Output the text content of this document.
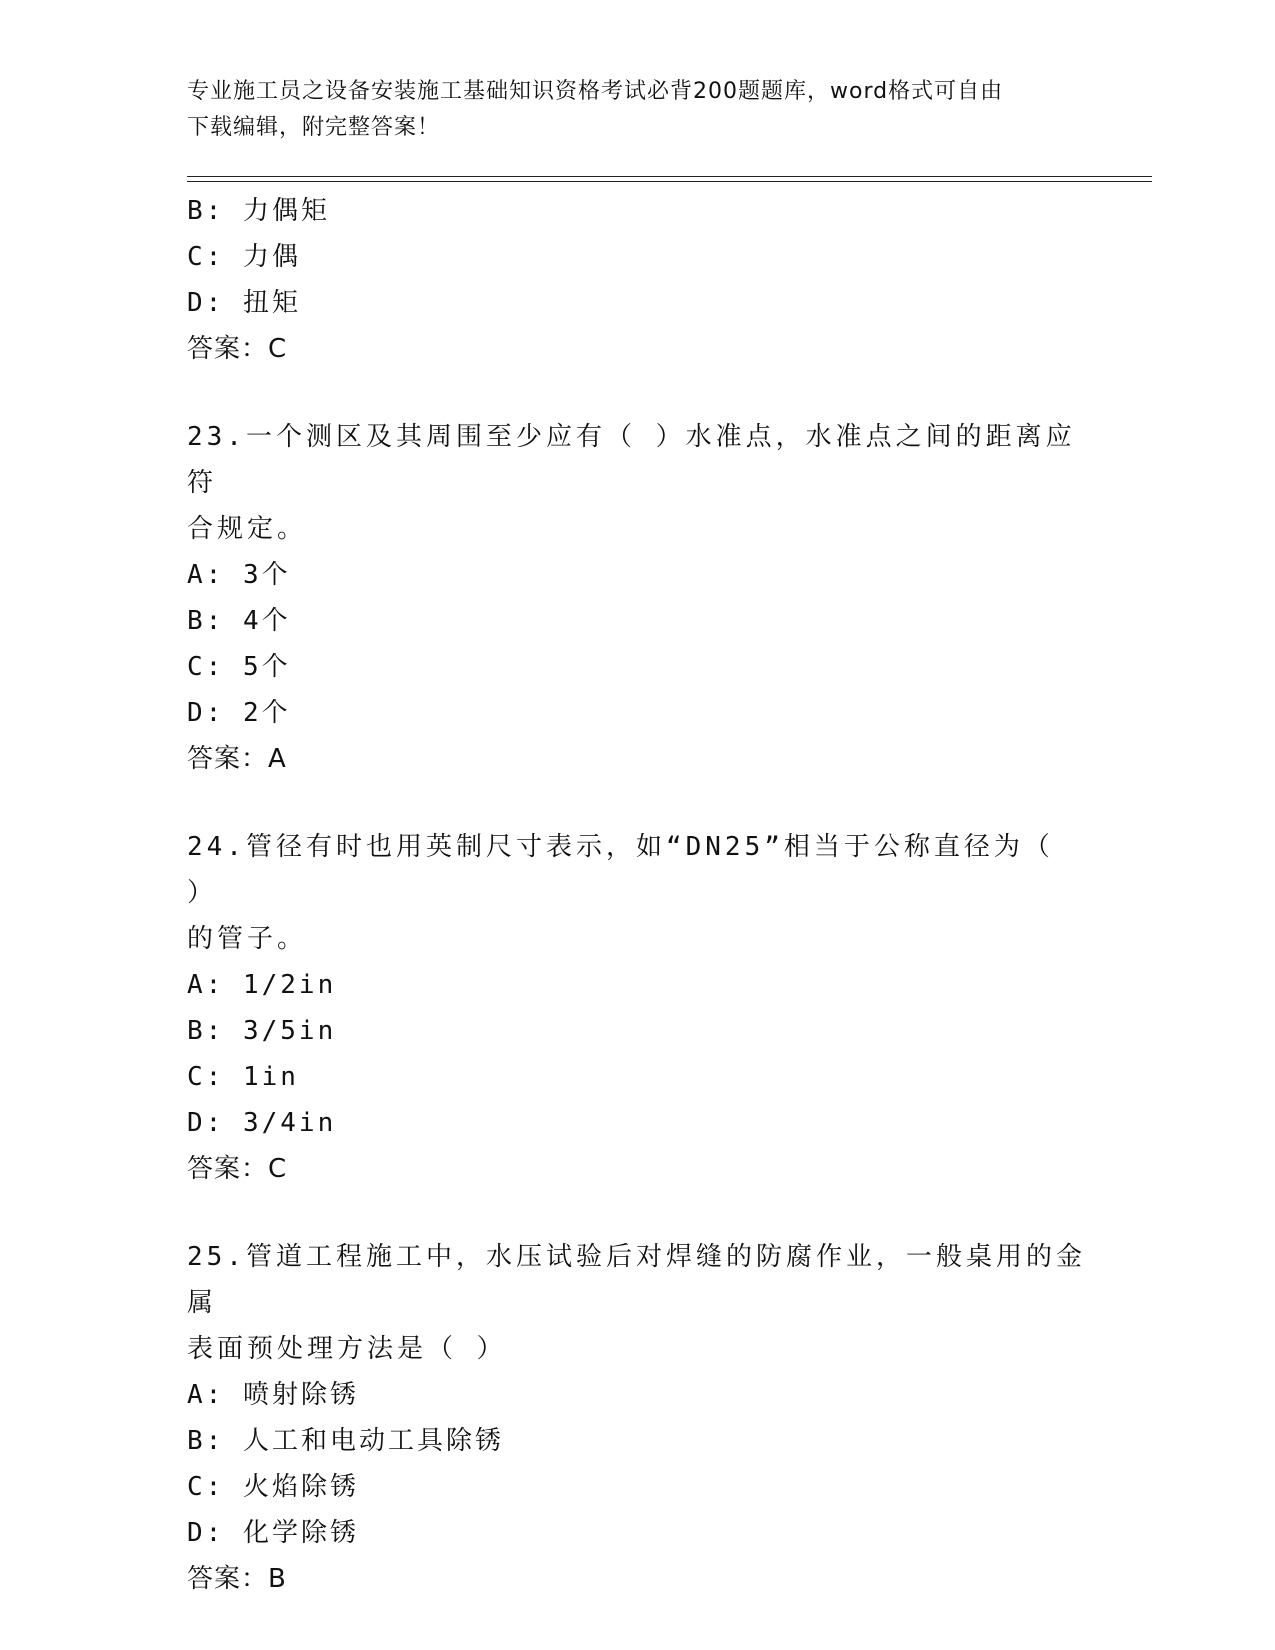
专业施工员之设备安装施工基础知识资格考试必背200题题库，word格式可自由
下载编辑，附完整答案！
B: 力偶矩
C: 力偶
D: 扭矩
答案：C
23.一个测区及其周围至少应有（ ）水准点，水准点之间的距离应符
合规定。
A: 3个
B: 4个
C: 5个
D: 2个
答案：A
24.管径有时也用英制尺寸表示，如“DN25”相当于公称直径为（ ）
的管子。
A: 1/2in
B: 3/5in
C: 1in
D: 3/4in
答案：C
25.管道工程施工中，水压试验后对焊缝的防腐作业，一般桌用的金属
表面预处理方法是（ ）
A: 喷射除锈
B: 人工和电动工具除锈
C: 火焰除锈
D: 化学除锈
答案：B
